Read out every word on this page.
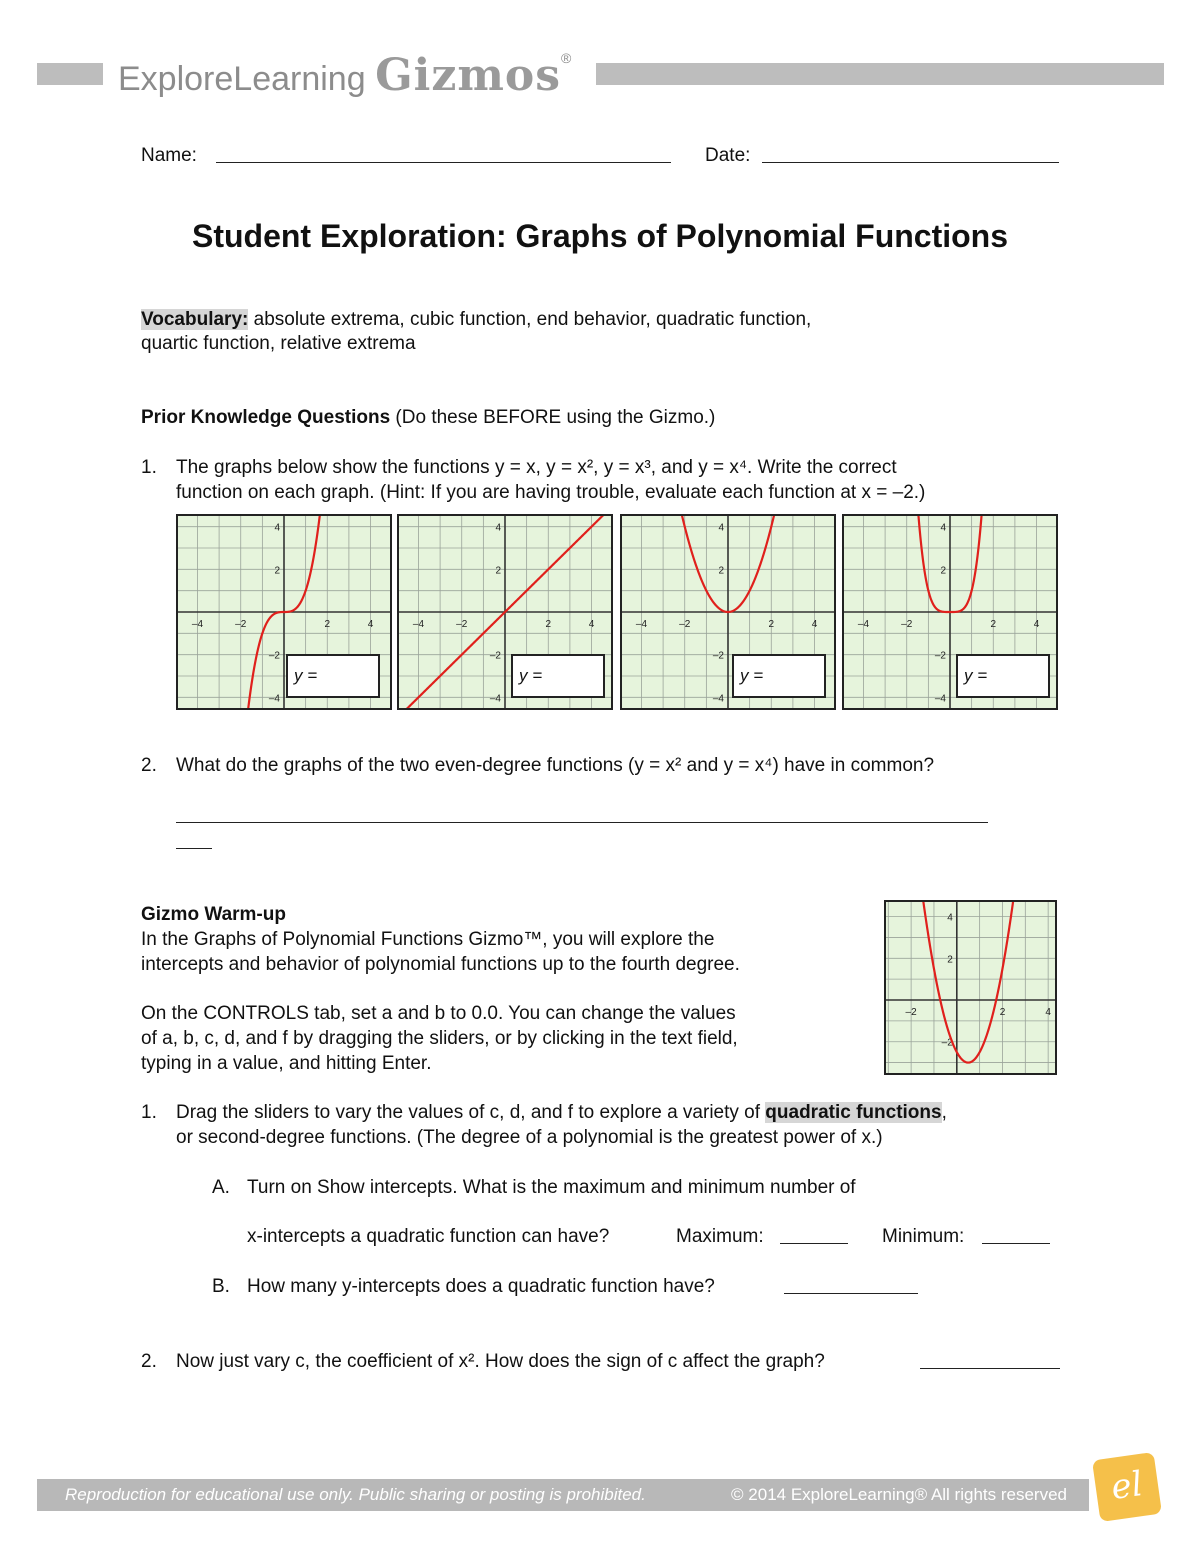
ExploreLearning Gizmos®
Name:	Date:
Student Exploration: Graphs of Polynomial Functions
Vocabulary: absolute extrema, cubic function, end behavior, quadratic function,
quartic function, relative extrema
Prior Knowledge Questions (Do these BEFORE using the Gizmo.)
1. The graphs below show the functions y = x, y = x², y = x³, and y = x⁴. Write the correct
function on each graph. (Hint: If you are having trouble, evaluate each function at x = –2.)
–4	–2	2	4
4
2
–2
–4
y =
–4	–2	2	4
4
2
–2
–4
y =
–4	–2	2	4
4
2
–2
–4
y =
–4	–2	2	4
4
2
–2
–4
y =
2. What do the graphs of the two even-degree functions (y = x² and y = x⁴) have in common?
Gizmo Warm-up
In the Graphs of Polynomial Functions Gizmo™, you will explore the
intercepts and behavior of polynomial functions up to the fourth degree.
On the CONTROLS tab, set a and b to 0.0. You can change the values
of a, b, c, d, and f by dragging the sliders, or by clicking in the text field,
typing in a value, and hitting Enter.
–2	2	4
4
2
–2
1. Drag the sliders to vary the values of c, d, and f to explore a variety of quadratic functions,
or second-degree functions. (The degree of a polynomial is the greatest power of x.)
A. Turn on Show intercepts. What is the maximum and minimum number of
x-intercepts a quadratic function can have?	Maximum:	Minimum:
B. How many y-intercepts does a quadratic function have?
2. Now just vary c, the coefficient of x². How does the sign of c affect the graph?
Reproduction for educational use only. Public sharing or posting is prohibited.	© 2014 ExploreLearning® All rights reserved	el
